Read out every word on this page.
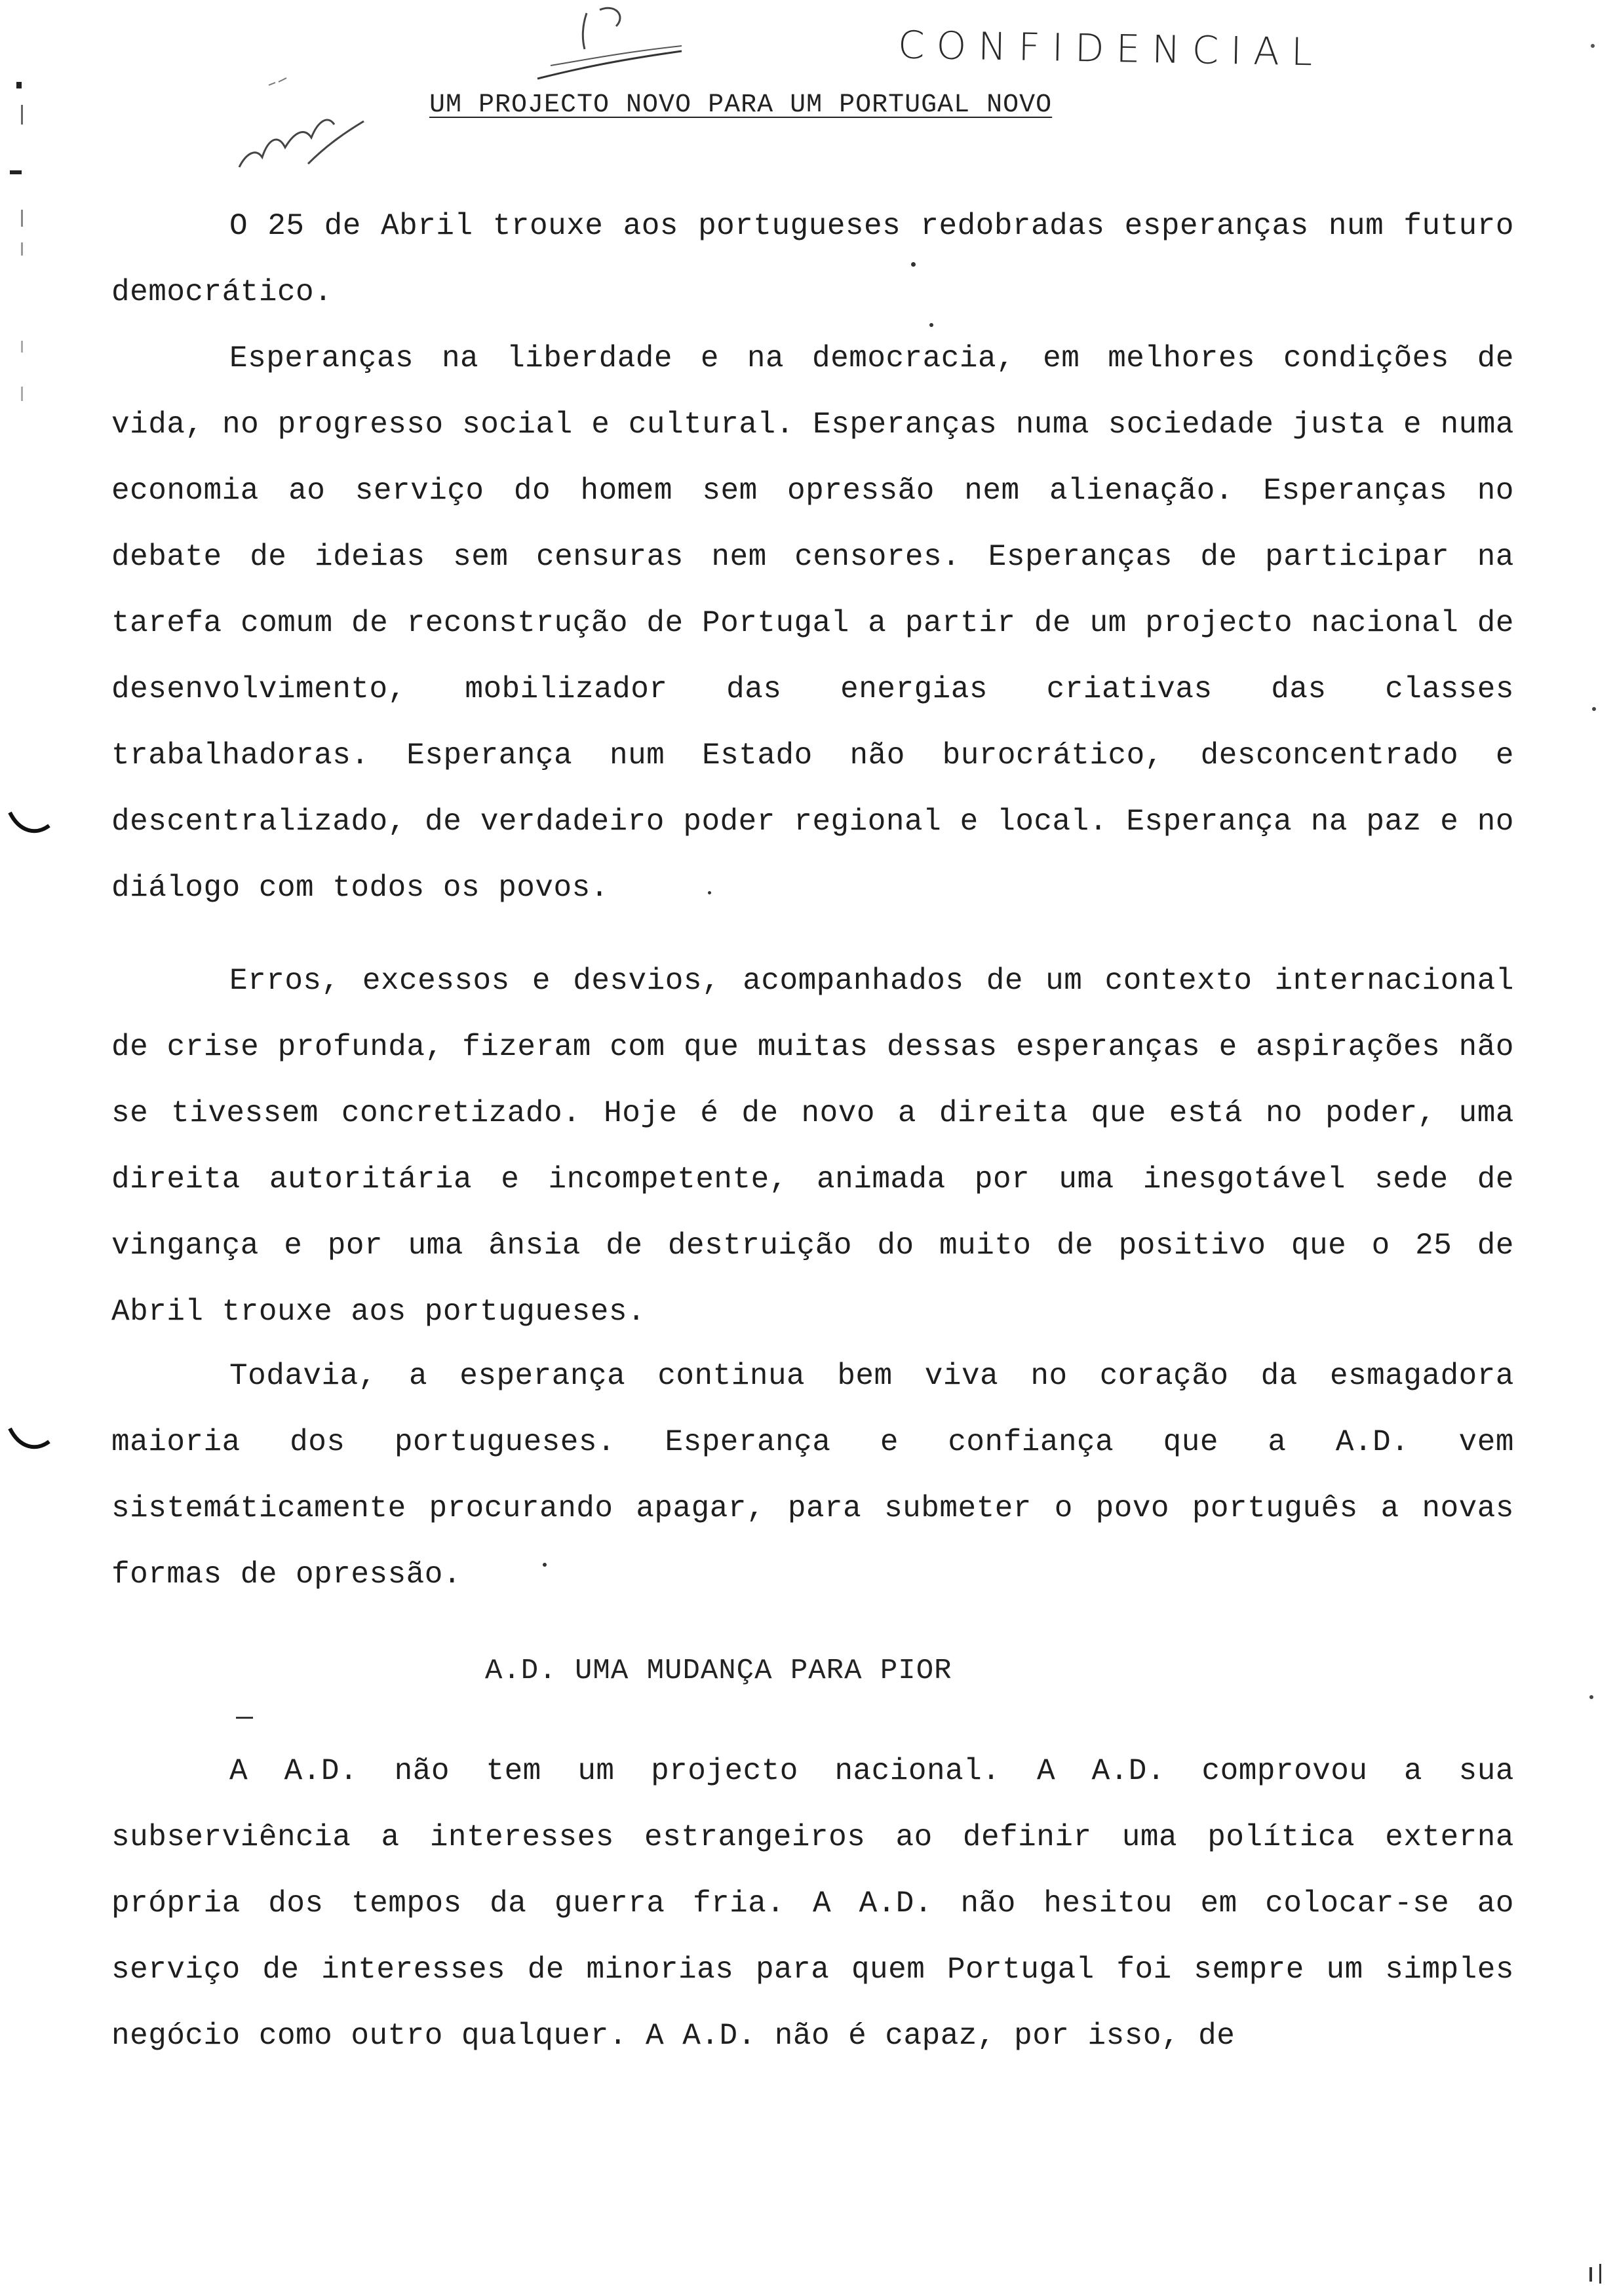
CONFIDENCIAL
UM PROJECTO NOVO PARA UM PORTUGAL NOVO

O 25 de Abril trouxe aos portugueses redobradas esperanças num futuro democrático.

Esperanças na liberdade e na democracia, em melhores condições de vida, no progresso social e cultural. Esperanças numa sociedade justa e numa economia ao serviço do homem sem opressão nem alienação. Esperanças no debate de ideias sem censuras nem censores. Esperanças de participar na tarefa comum de reconstrução de Portugal a partir de um projecto nacional de desenvolvimento, mobilizador das energias criativas das classes trabalhadoras. Esperança num Estado não burocrático, desconcentrado e descentralizado, de verdadeiro poder regional e local. Esperança na paz e no diálogo com todos os povos.

Erros, excessos e desvios, acompanhados de um contexto internacional de crise profunda, fizeram com que muitas dessas esperanças e aspirações não se tivessem concretizado. Hoje é de novo a direita que está no poder, uma direita autoritária e incompetente, animada por uma inesgotável sede de vingança e por uma ânsia de destruição do muito de positivo que o 25 de Abril trouxe aos portugueses.

Todavia, a esperança continua bem viva no coração da esmagadora maioria dos portugueses. Esperança e confiança que a A.D. vem sistemáticamente procurando apagar, para submeter o povo português a novas formas de opressão.

A.D. UMA MUDANÇA PARA PIOR

A A.D. não tem um projecto nacional. A A.D. comprovou a sua subserviência a interesses estrangeiros ao definir uma política externa própria dos tempos da guerra fria. A A.D. não hesitou em colocar-se ao serviço de interesses de minorias para quem Portugal foi sempre um simples negócio como outro qualquer. A A.D. não é capaz, por isso, de
